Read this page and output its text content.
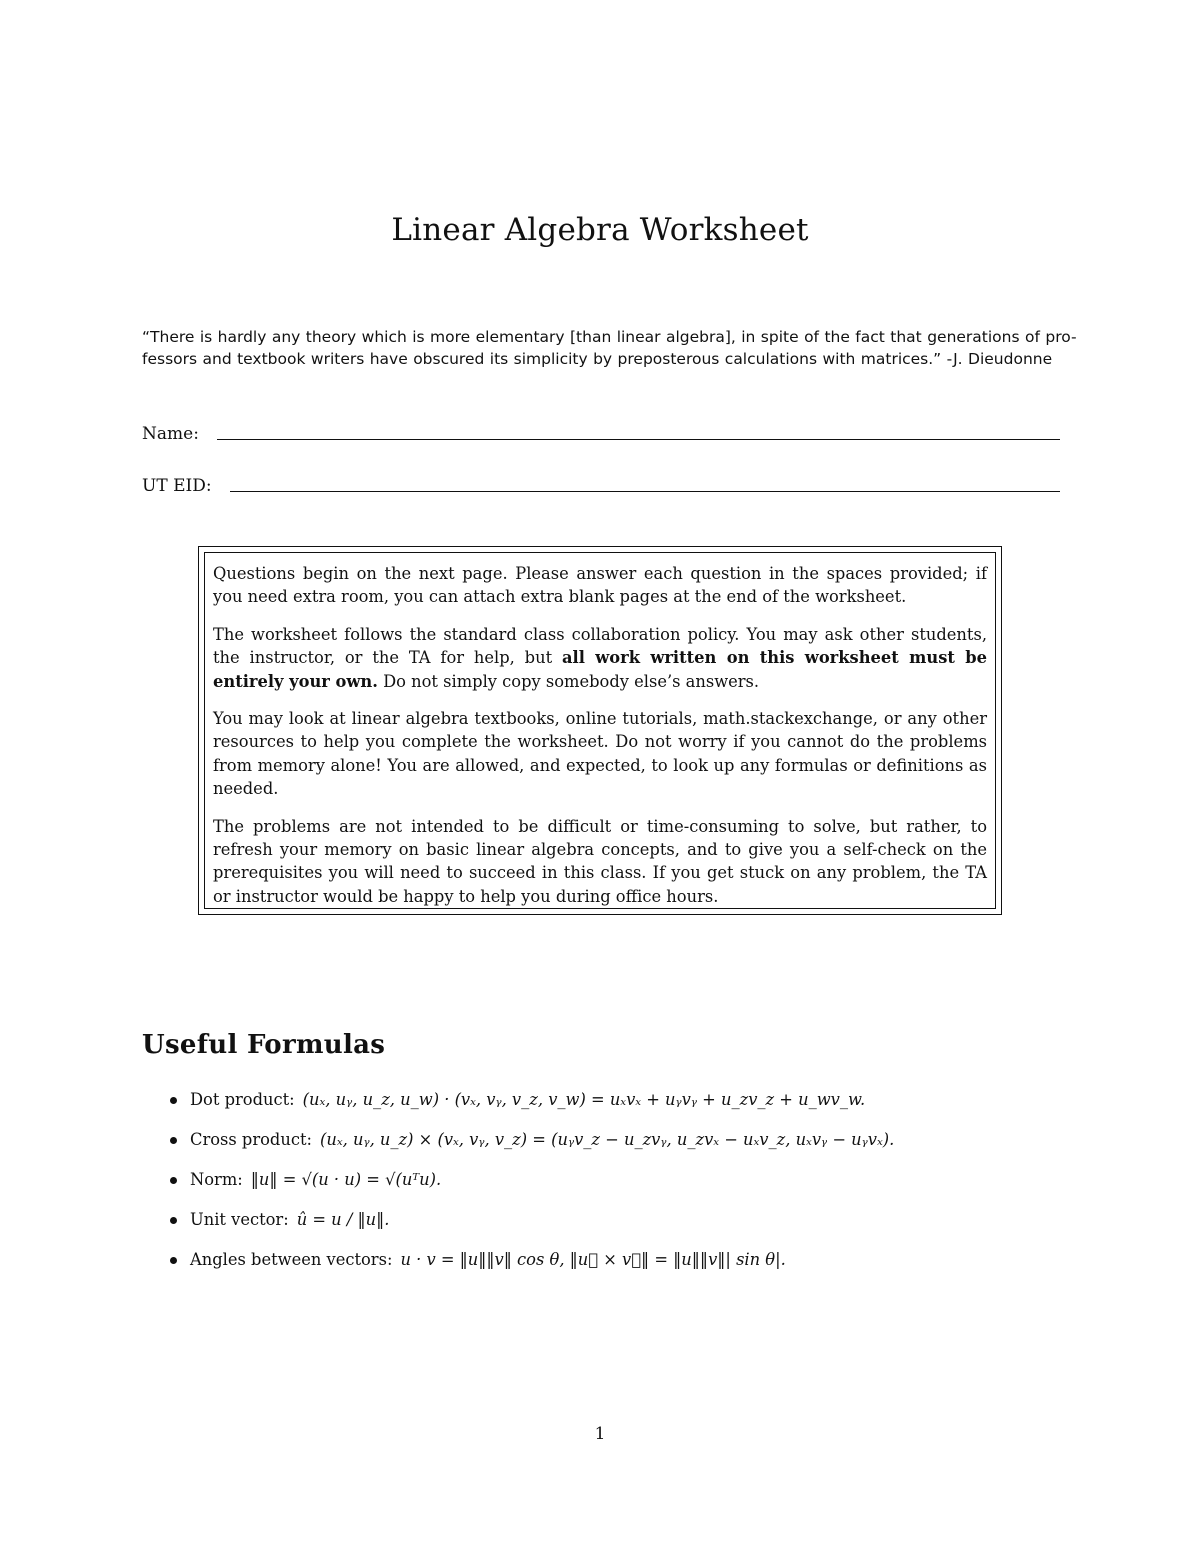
Linear Algebra Worksheet
“There is hardly any theory which is more elementary [than linear algebra], in spite of the fact that generations of pro-
fessors and textbook writers have obscured its simplicity by preposterous calculations with matrices.” -J. Dieudonne
Name:
UT EID:

Questions begin on the next page. Please answer each question in the spaces provided; if you need extra room, you can attach extra blank pages at the end of the worksheet.

The worksheet follows the standard class collaboration policy. You may ask other students, the instructor, or the TA for help, but all work written on this worksheet must be entirely your own. Do not simply copy somebody else’s answers.

You may look at linear algebra textbooks, online tutorials, math.stackexchange, or any other resources to help you complete the worksheet. Do not worry if you cannot do the problems from memory alone! You are allowed, and expected, to look up any formulas or definitions as needed.

The problems are not intended to be difficult or time-consuming to solve, but rather, to refresh your memory on basic linear algebra concepts, and to give you a self-check on the prerequisites you will need to succeed in this class. If you get stuck on any problem, the TA or instructor would be happy to help you during office hours.

Useful Formulas
Dot product: (uₓ, uᵧ, u_z, u_w) · (vₓ, vᵧ, v_z, v_w) = uₓvₓ + uᵧvᵧ + u_zv_z + u_wv_w.
Cross product: (uₓ, uᵧ, u_z) × (vₓ, vᵧ, v_z) = (uᵧv_z − u_zvᵧ, u_zvₓ − uₓv_z, uₓvᵧ − uᵧvₓ).
Norm: ‖u‖ = √(u · u) = √(uᵀu).
Unit vector: û = u / ‖u‖.
Angles between vectors: u · v = ‖u‖‖v‖ cos θ, ‖u⃗ × v⃗‖ = ‖u‖‖v‖| sin θ|.
1
